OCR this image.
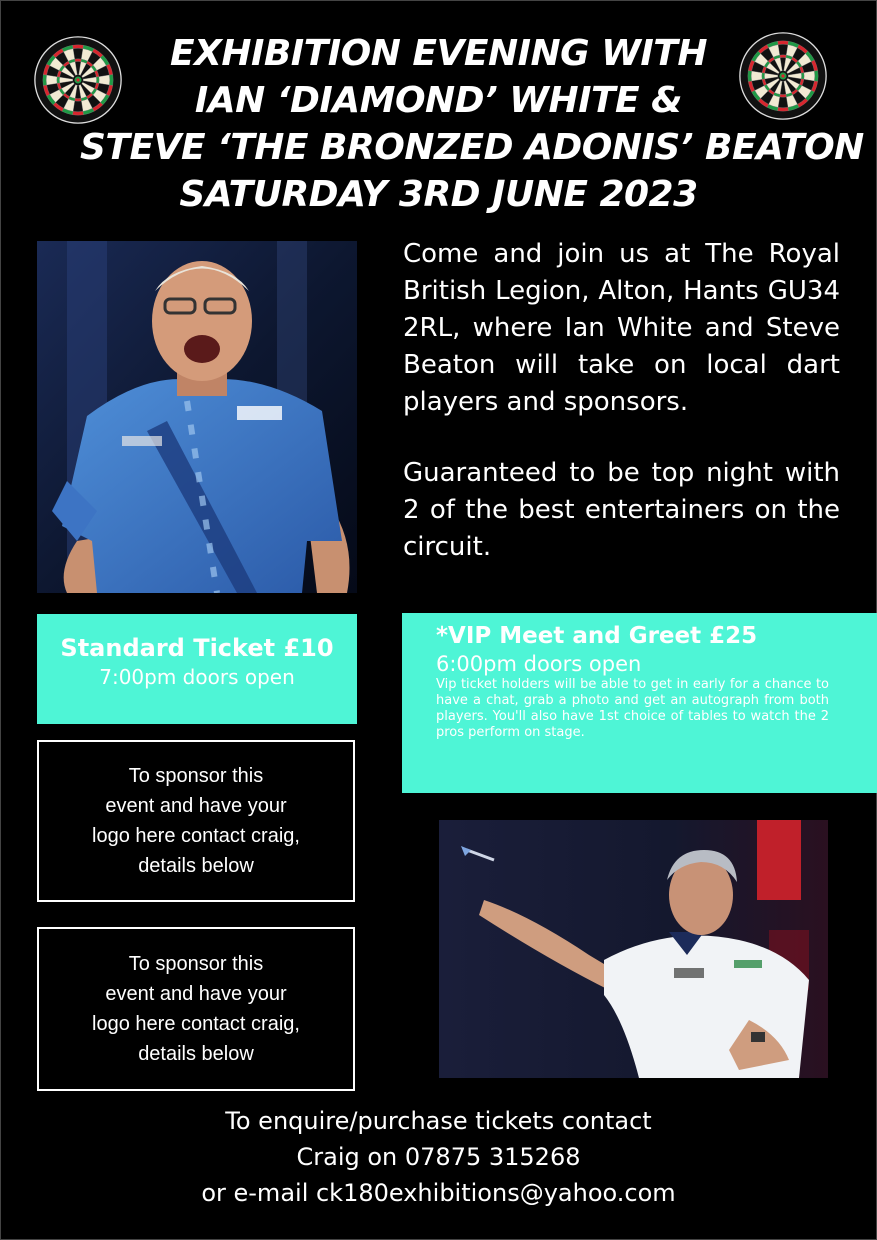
EXHIBITION EVENING WITH
IAN ‘DIAMOND’ WHITE &
STEVE ‘THE BRONZED ADONIS’ BEATON
SATURDAY 3RD JUNE 2023

Come and join us at The Royal British Legion, Alton, Hants GU34 2RL, where Ian White and Steve Beaton will take on local dart players and sponsors.

Guaranteed to be top night with 2 of the best entertainers on the circuit.

Standard Ticket £10
7:00pm doors open
*VIP Meet and Greet £25
6:00pm doors open
Vip ticket holders will be able to get in early for a chance to have a chat, grab a photo and get an autograph from both players. You'll also have 1st choice of tables to watch the 2 pros perform on stage.
To sponsor this
event and have your
logo here contact craig,
details below
To sponsor this
event and have your
logo here contact craig,
details below
To enquire/purchase tickets contact
Craig on 07875 315268
or e-mail ck180exhibitions@yahoo.com
